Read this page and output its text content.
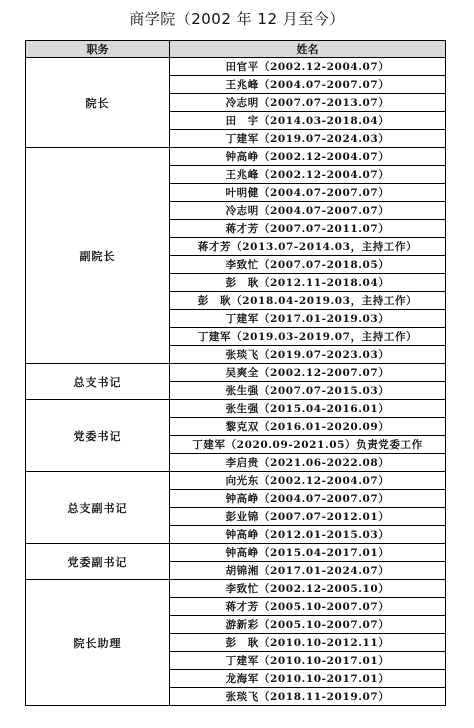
商学院（2002 年 12 月至今）
职务	姓名
院长	田官平（2002.12-2004.07）
	王兆峰（2004.07-2007.07）
	冷志明（2007.07-2013.07）
	田　宇（2014.03-2018.04）
	丁建军（2019.07-2024.03）
副院长	钟高峥（2002.12-2004.07）
	王兆峰（2002.12-2004.07）
	叶明健（2004.07-2007.07）
	冷志明（2004.07-2007.07）
	蒋才芳（2007.07-2011.07）
	蒋才芳（2013.07-2014.03，主持工作）
	李致忙（2007.07-2018.05）
	彭　耿（2012.11-2018.04）
	彭　耿（2018.04-2019.03，主持工作）
	丁建军（2017.01-2019.03）
	丁建军（2019.03-2019.07，主持工作）
	张琰飞（2019.07-2023.03）
总支书记	吴爽全（2002.12-2007.07）
	张生强（2007.07-2015.03）
党委书记	张生强（2015.04-2016.01）
	黎克双（2016.01-2020.09）
	丁建军（2020.09-2021.05）负责党委工作
	李启贵（2021.06-2022.08）
总支副书记	向光东（2002.12-2004.07）
	钟高峥（2004.07-2007.07）
	彭业锦（2007.07-2012.01）
	钟高峥（2012.01-2015.03）
党委副书记	钟高峥（2015.04-2017.01）
	胡锦湘（2017.01-2024.07）
院长助理	李致忙（2002.12-2005.10）
	蒋才芳（2005.10-2007.07）
	游新彩（2005.10-2007.07）
	彭　耿（2010.10-2012.11）
	丁建军（2010.10-2017.01）
	龙海军（2010.10-2017.01）
	张琰飞（2018.11-2019.07）
